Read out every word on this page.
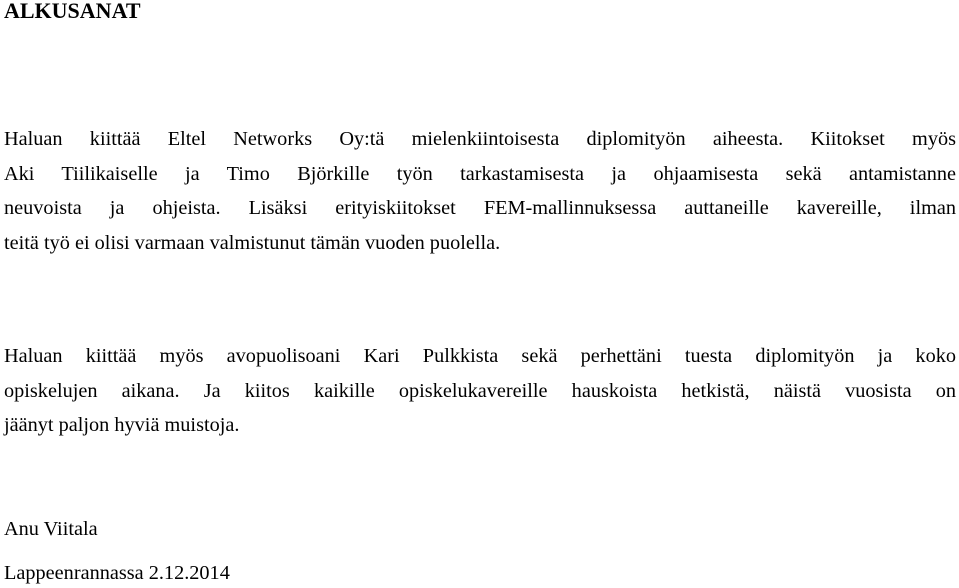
ALKUSANAT

Haluan kiittää Eltel Networks Oy:tä mielenkiintoisesta diplomityön aiheesta. Kiitokset myös
Aki Tiilikaiselle ja Timo Björkille työn tarkastamisesta ja ohjaamisesta sekä antamistanne
neuvoista ja ohjeista. Lisäksi erityiskiitokset FEM-mallinnuksessa auttaneille kavereille, ilman
teitä työ ei olisi varmaan valmistunut tämän vuoden puolella.

Haluan kiittää myös avopuolisoani Kari Pulkkista sekä perhettäni tuesta diplomityön ja koko
opiskelujen aikana. Ja kiitos kaikille opiskelukavereille hauskoista hetkistä, näistä vuosista on
jäänyt paljon hyviä muistoja.

Anu Viitala

Lappeenrannassa 2.12.2014
